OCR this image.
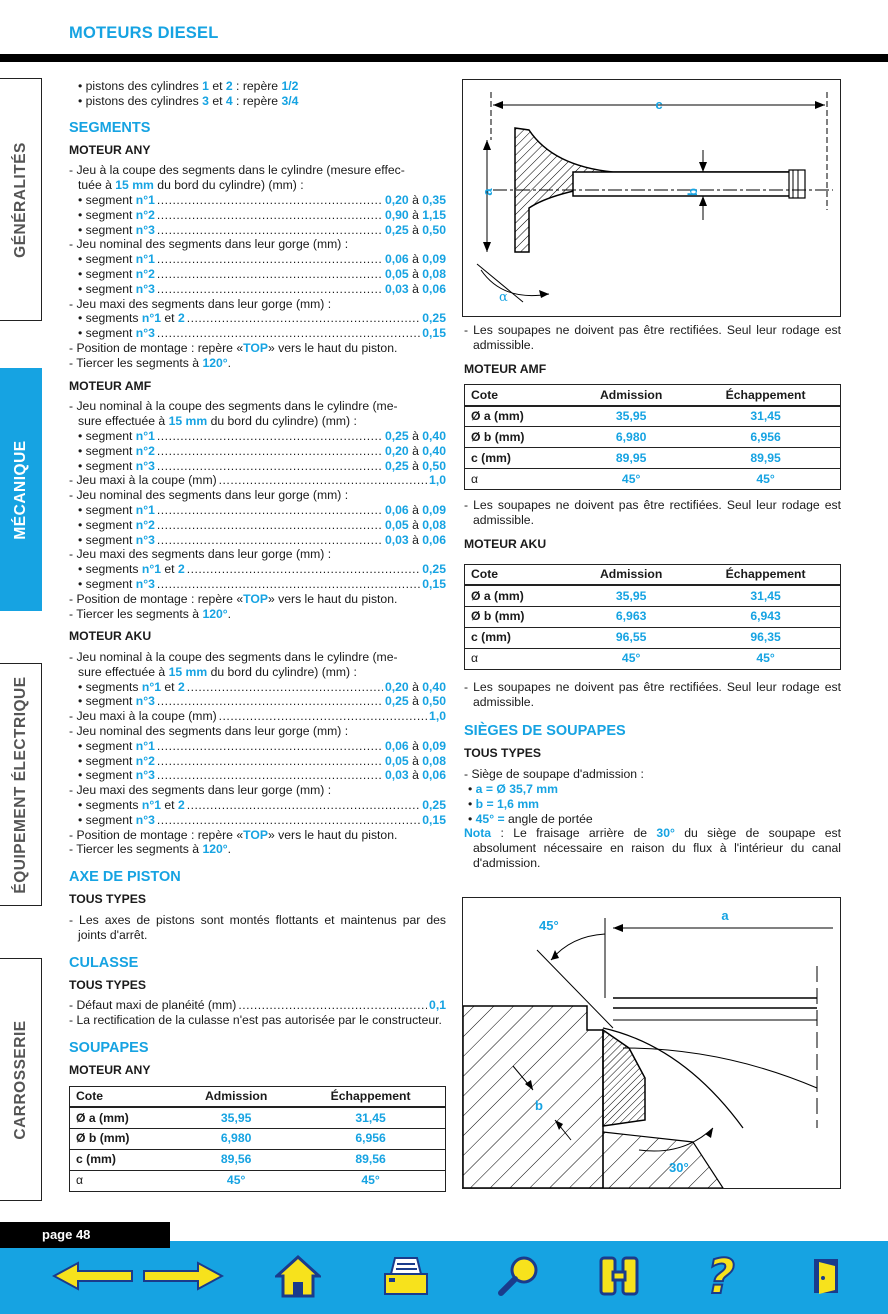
MOTEURS DIESEL
GÉNÉRALITÉS
MÉCANIQUE
ÉQUIPEMENT ÉLECTRIQUE
CARROSSERIE
• pistons des cylindres 1 et 2 : repère 1/2
• pistons des cylindres 3 et 4 : repère 3/4
SEGMENTS
MOTEUR ANY
- Jeu à la coupe des segments dans le cylindre (mesure effec-
tuée à 15 mm du bord du cylindre) (mm) :
• segment n°1 .....	0,20 à 0,35
• segment n°2 .....	0,90 à 1,15
• segment n°3 .....	0,25 à 0,50
- Jeu nominal des segments dans leur gorge (mm) :
• segment n°1 .....	0,06 à 0,09
• segment n°2 .....	0,05 à 0,08
• segment n°3 .....	0,03 à 0,06
- Jeu maxi des segments dans leur gorge (mm) :
• segments n°1 et 2 .....	0,25
• segment n°3 .....	0,15
- Position de montage : repère «TOP» vers le haut du piston.
- Tiercer les segments à 120°.
MOTEUR AMF
- Jeu nominal à la coupe des segments dans le cylindre (me-
sure effectuée à 15 mm du bord du cylindre) (mm) :
• segment n°1 .....	0,25 à 0,40
• segment n°2 .....	0,20 à 0,40
• segment n°3 .....	0,25 à 0,50
- Jeu maxi à la coupe (mm) .....	1,0
- Jeu nominal des segments dans leur gorge (mm) :
• segment n°1 .....	0,06 à 0,09
• segment n°2 .....	0,05 à 0,08
• segment n°3 .....	0,03 à 0,06
- Jeu maxi des segments dans leur gorge (mm) :
• segments n°1 et 2 .....	0,25
• segment n°3 .....	0,15
- Position de montage : repère «TOP» vers le haut du piston.
- Tiercer les segments à 120°.
MOTEUR AKU
- Jeu nominal à la coupe des segments dans le cylindre (me-
sure effectuée à 15 mm du bord du cylindre) (mm) :
• segments n°1 et 2 .....	0,20 à 0,40
• segment n°3 .....	0,25 à 0,50
- Jeu maxi à la coupe (mm) .....	1,0
- Jeu nominal des segments dans leur gorge (mm) :
• segment n°1 .....	0,06 à 0,09
• segment n°2 .....	0,05 à 0,08
• segment n°3 .....	0,03 à 0,06
- Jeu maxi des segments dans leur gorge (mm) :
• segments n°1 et 2 .....	0,25
• segment n°3 .....	0,15
- Position de montage : repère «TOP» vers le haut du piston.
- Tiercer les segments à 120°.
AXE DE PISTON
TOUS TYPES
- Les axes de pistons sont montés flottants et maintenus par des joints d'arrêt.
CULASSE
TOUS TYPES
- Défaut maxi de planéité (mm) .....	0,1
- La rectification de la culasse n'est pas autorisée par le constructeur.
SOUPAPES
MOTEUR ANY
Cote	Admission	Échappement
Ø a (mm)	35,95	31,45
Ø b (mm)	6,980	6,956
c (mm)	89,56	89,56
α	45°	45°
c
a	b
α
- Les soupapes ne doivent pas être rectifiées. Seul leur rodage est admissible.
MOTEUR AMF
Cote	Admission	Échappement
Ø a (mm)	35,95	31,45
Ø b (mm)	6,980	6,956
c (mm)	89,95	89,95
α	45°	45°
- Les soupapes ne doivent pas être rectifiées. Seul leur rodage est admissible.
MOTEUR AKU
Cote	Admission	Échappement
Ø a (mm)	35,95	31,45
Ø b (mm)	6,963	6,943
c (mm)	96,55	96,35
α	45°	45°
- Les soupapes ne doivent pas être rectifiées. Seul leur rodage est admissible.
SIÈGES DE SOUPAPES
TOUS TYPES
- Siège de soupape d'admission :
• a = Ø 35,7 mm
• b = 1,6 mm
• 45° = angle de portée
Nota : Le fraisage arrière de 30° du siège de soupape est absolument nécessaire en raison du flux à l'intérieur du canal d'admission.
a
45°
b
30°
page 48
?
